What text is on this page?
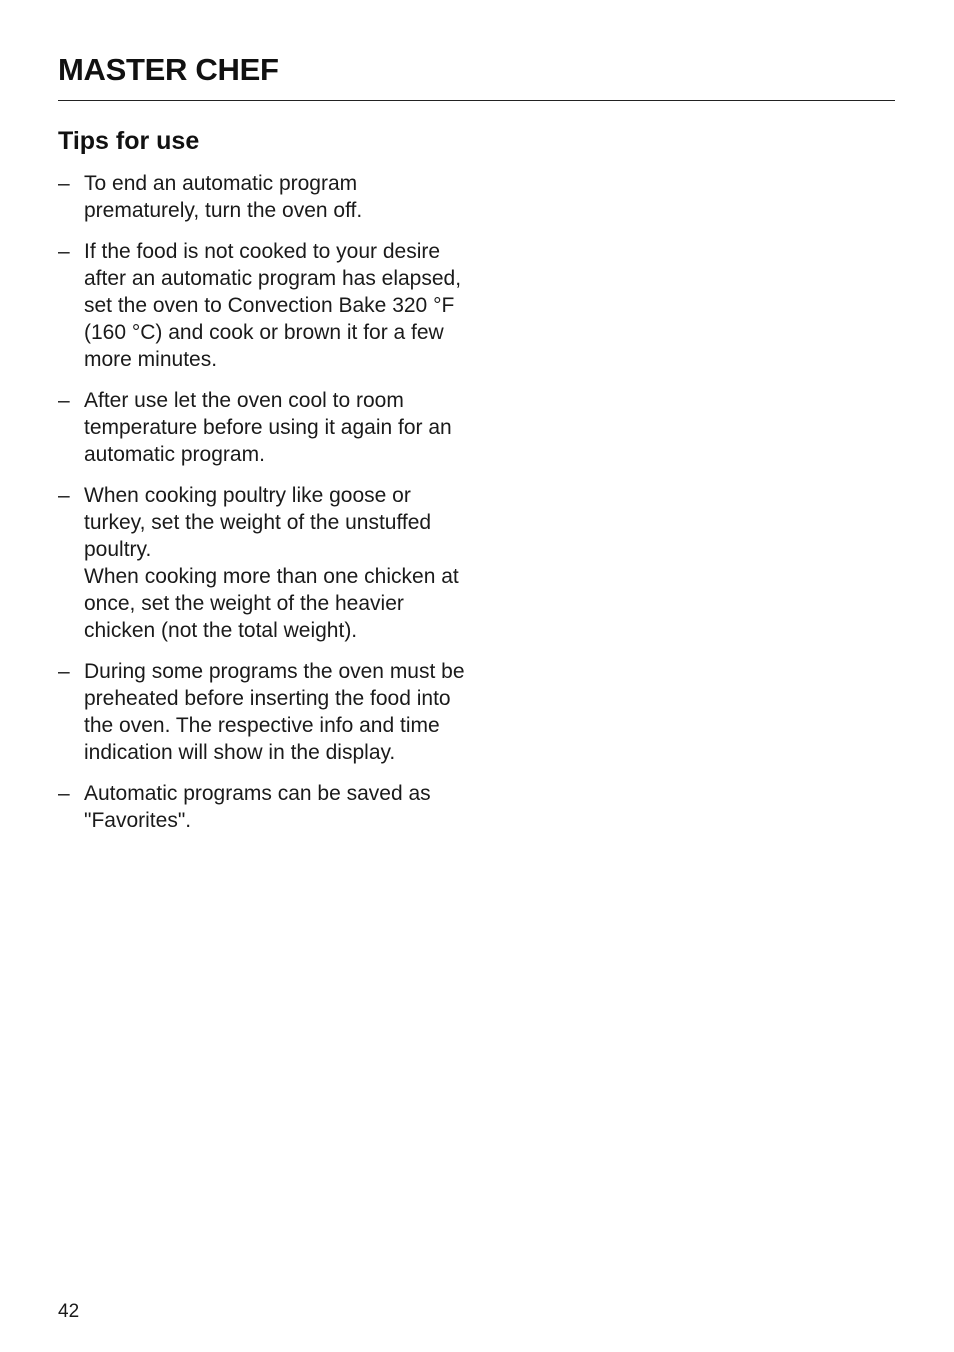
MASTER CHEF
Tips for use
– To end an automatic program prematurely, turn the oven off.
– If the food is not cooked to your desire after an automatic program has elapsed, set the oven to Convection Bake 320 °F (160 °C) and cook or brown it for a few more minutes.
– After use let the oven cool to room temperature before using it again for an automatic program.
– When cooking poultry like goose or turkey, set the weight of the unstuffed poultry.
When cooking more than one chicken at once, set the weight of the heavier chicken (not the total weight).
– During some programs the oven must be preheated before inserting the food into the oven. The respective info and time indication will show in the display.
– Automatic programs can be saved as "Favorites".
42
